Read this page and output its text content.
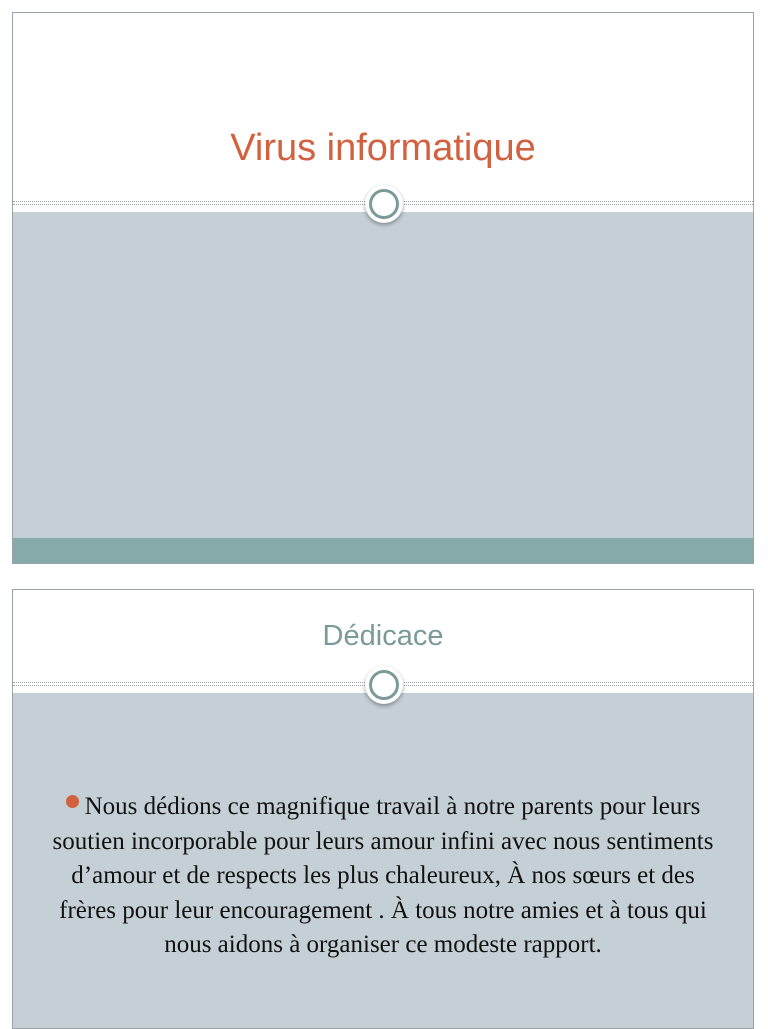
Virus informatique
Dédicace
Nous dédions ce magnifique travail à notre parents pour leurs soutien incorporable pour leurs amour infini avec nous sentiments d’amour et de respects les plus chaleureux, À nos sœurs et des frères pour leur encouragement . À tous notre amies et à tous qui nous aidons à organiser ce modeste rapport.
